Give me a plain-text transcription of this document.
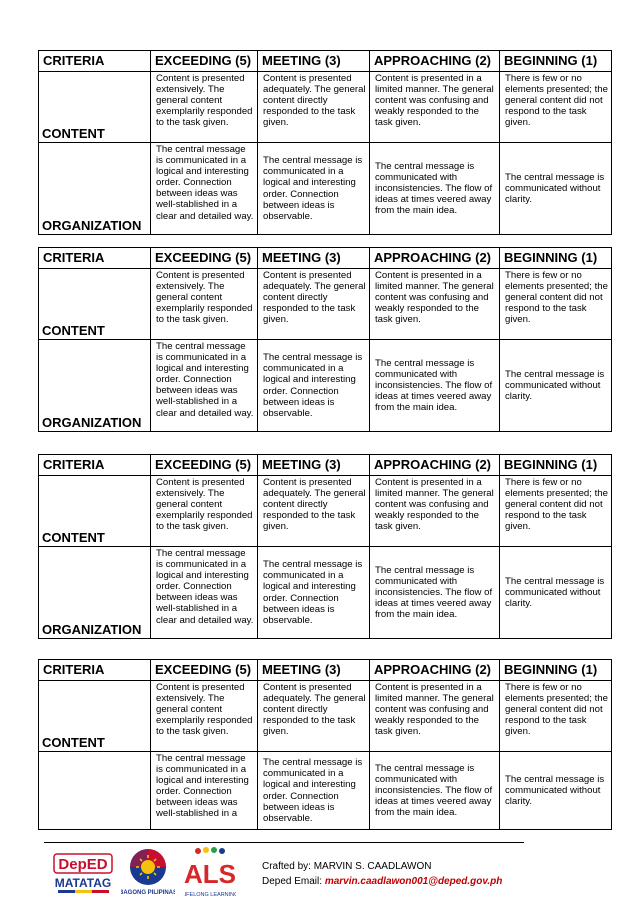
CRITERIA	EXCEEDING (5)	MEETING (3)	APPROACHING (2)	BEGINNING (1)
CONTENT	Content is presented extensively. The general content exemplarily responded to the task given.	Content is presented adequately. The general content directly responded to the task given.	Content is presented in a limited manner. The general content was confusing and weakly responded to the task given.	There is few or no elements presented; the general content did not respond to the task given.
ORGANIZATION	The central message is communicated in a logical and interesting order. Connection between ideas was well-stablished in a clear and detailed way.	The central message is communicated in a logical and interesting order. Connection between ideas is observable.	The central message is communicated with inconsistencies. The flow of ideas at times veered away from the main idea.	The central message is communicated without clarity.
CRITERIA	EXCEEDING (5)	MEETING (3)	APPROACHING (2)	BEGINNING (1)
CONTENT	Content is presented extensively. The general content exemplarily responded to the task given.	Content is presented adequately. The general content directly responded to the task given.	Content is presented in a limited manner. The general content was confusing and weakly responded to the task given.	There is few or no elements presented; the general content did not respond to the task given.
ORGANIZATION	The central message is communicated in a logical and interesting order. Connection between ideas was well-stablished in a clear and detailed way.	The central message is communicated in a logical and interesting order. Connection between ideas is observable.	The central message is communicated with inconsistencies. The flow of ideas at times veered away from the main idea.	The central message is communicated without clarity.
CRITERIA	EXCEEDING (5)	MEETING (3)	APPROACHING (2)	BEGINNING (1)
CONTENT	Content is presented extensively. The general content exemplarily responded to the task given.	Content is presented adequately. The general content directly responded to the task given.	Content is presented in a limited manner. The general content was confusing and weakly responded to the task given.	There is few or no elements presented; the general content did not respond to the task given.
ORGANIZATION	The central message is communicated in a logical and interesting order. Connection between ideas was well-stablished in a clear and detailed way.	The central message is communicated in a logical and interesting order. Connection between ideas is observable.	The central message is communicated with inconsistencies. The flow of ideas at times veered away from the main idea.	The central message is communicated without clarity.
CRITERIA	EXCEEDING (5)	MEETING (3)	APPROACHING (2)	BEGINNING (1)
CONTENT	Content is presented extensively. The general content exemplarily responded to the task given.	Content is presented adequately. The general content directly responded to the task given.	Content is presented in a limited manner. The general content was confusing and weakly responded to the task given.	There is few or no elements presented; the general content did not respond to the task given.
	The central message is communicated in a logical and interesting order. Connection between ideas was well-stablished in a	The central message is communicated in a logical and interesting order. Connection between ideas is observable.	The central message is communicated with inconsistencies. The flow of ideas at times veered away from the main idea.	The central message is communicated without clarity.
DepED
MATATAG
BAGONG PILIPINAS
ALS
LIFELONG LEARNING
Crafted by: MARVIN S. CAADLAWON
Deped Email: marvin.caadlawon001@deped.gov.ph
